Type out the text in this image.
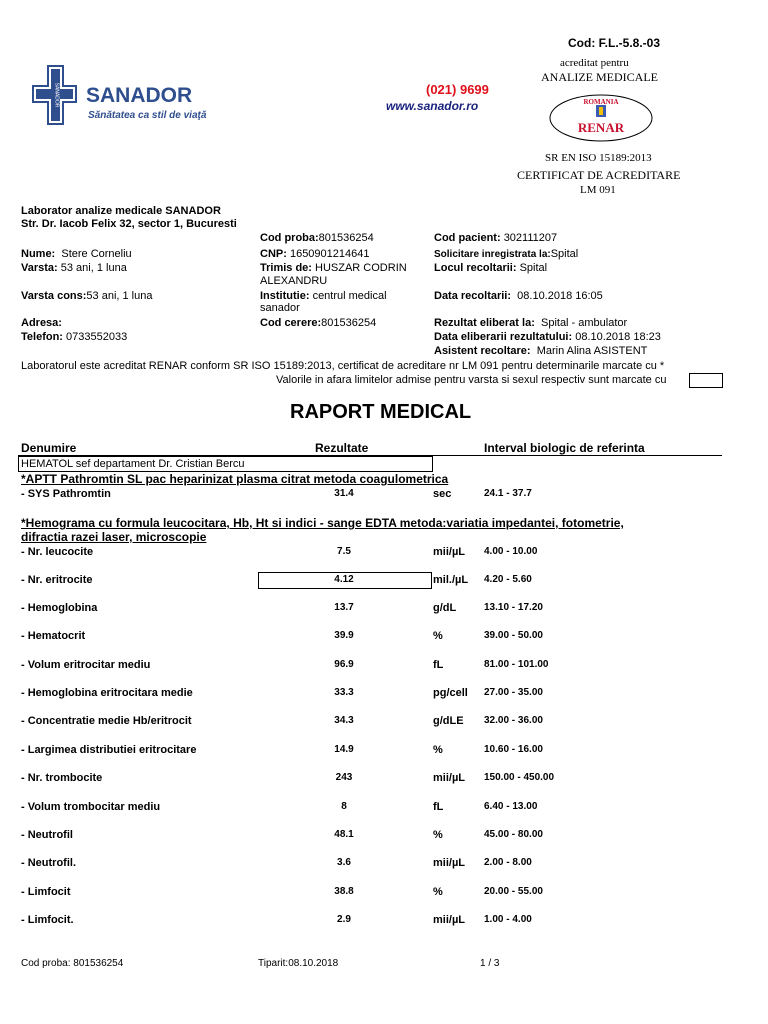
Cod: F.L.-5.8.-03
acreditat pentru
ANALIZE MEDICALE
SANADOR SANADOR
Sănătatea ca stil de viaţă
(021) 9699
www.sanador.ro	ROMANIA
RENAR
SR EN ISO 15189:2013
CERTIFICAT DE ACREDITARE
LM 091
Laborator analize medicale SANADOR
Str. Dr. Iacob Felix 32, sector 1, Bucuresti
Cod proba:801536254	Cod pacient: 302111207
Nume: Stere Corneliu	CNP: 1650901214641	Solicitare inregistrata la:Spital
Varsta: 53 ani, 1 luna	Trimis de: HUSZAR CODRIN
ALEXANDRU
Locul recoltarii: Spital
Varsta cons:53 ani, 1 luna	Institutie: centrul medical
sanador
Data recoltarii: 08.10.2018 16:05
Adresa:	Cod cerere:801536254	Rezultat eliberat la: Spital - ambulator
Telefon: 0733552033	Data eliberarii rezultatului: 08.10.2018 18:23
Asistent recoltare: Marin Alina ASISTENT
Laboratorul este acreditat RENAR conform SR ISO 15189:2013, certificat de acreditare nr LM 091 pentru determinarile marcate cu *
Valorile in afara limitelor admise pentru varsta si sexul respectiv sunt marcate cu
RAPORT MEDICAL
Denumire	Rezultate	Interval biologic de referinta
HEMATOL sef departament Dr. Cristian Bercu
*APTT Pathromtin SL pac heparinizat plasma citrat metoda coagulometrica
*Hemograma cu formula leucocitara, Hb, Ht si indici - sange EDTA metoda:variatia impedantei, fotometrie,
difractia razei laser, microscopie
- SYS Pathromtin	31.4	sec	24.1 - 37.7
- Nr. leucocite	7.5	mii/µL 4.00 - 10.00
- Nr. eritrocite	4.12	mil./µL 4.20 - 5.60
- Hemoglobina	13.7	g/dL	13.10 - 17.20
- Hematocrit	39.9	%	39.00 - 50.00
- Volum eritrocitar mediu	96.9	fL	81.00 - 101.00
- Hemoglobina eritrocitara medie	33.3	pg/cell 27.00 - 35.00
- Concentratie medie Hb/eritrocit	34.3	g/dLE 32.00 - 36.00
- Largimea distributiei eritrocitare	14.9	%	10.60 - 16.00
- Nr. trombocite	243	mii/µL 150.00 - 450.00
- Volum trombocitar mediu	8	fL	6.40 - 13.00
- Neutrofil	48.1	%	45.00 - 80.00
- Neutrofil.	3.6	mii/µL 2.00 - 8.00
- Limfocit	38.8	%	20.00 - 55.00
- Limfocit.	2.9	mii/µL 1.00 - 4.00
Cod proba: 801536254	Tiparit:08.10.2018	1 / 3
